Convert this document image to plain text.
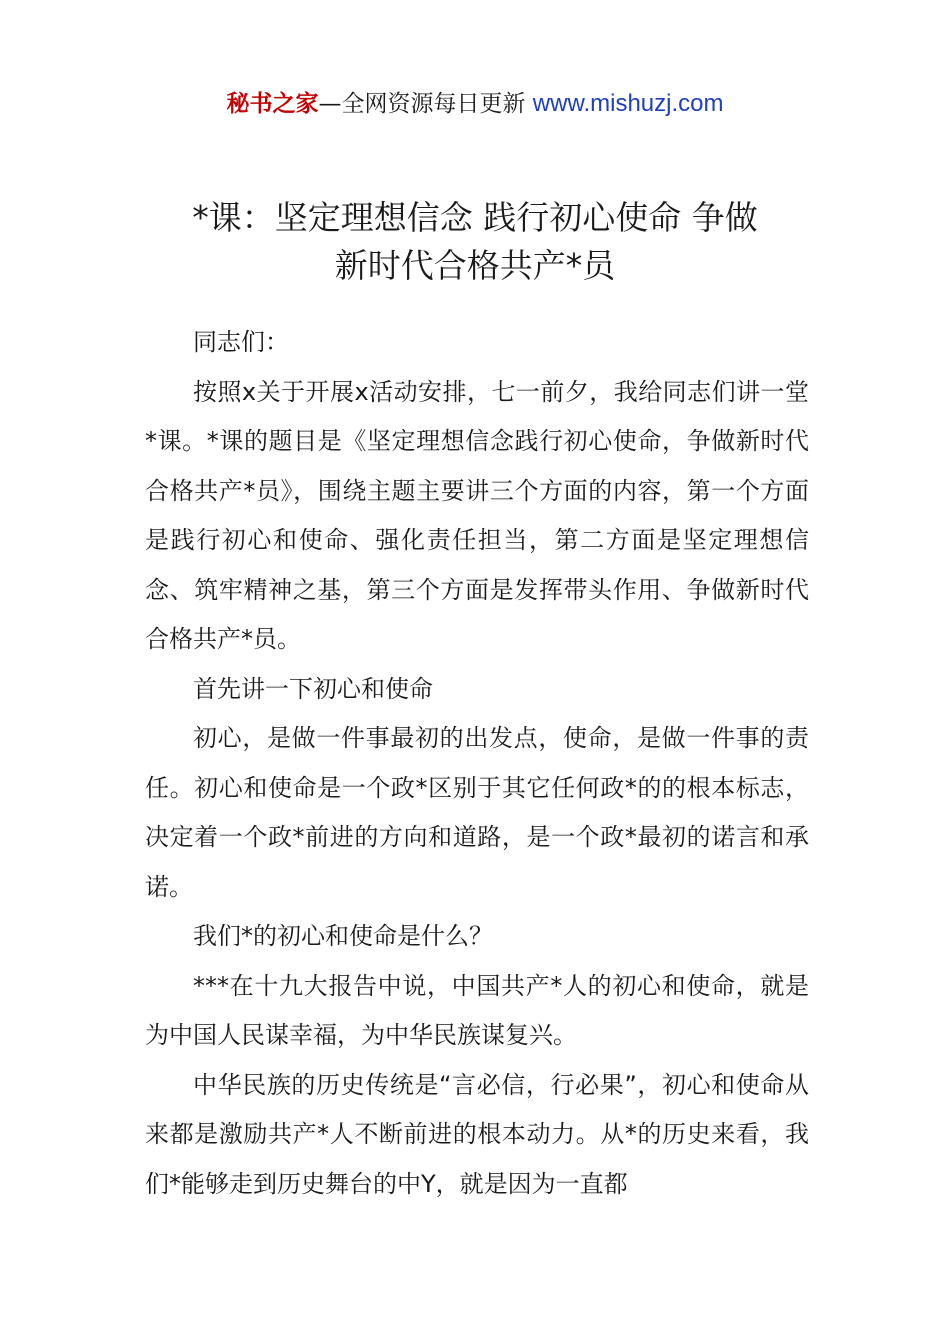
秘书之家—全网资源每日更新 www.mishuzj.com
*课：坚定理想信念 践行初心使命 争做
新时代合格共产*员

同志们：

按照x关于开展x活动安排，七一前夕，我给同志们讲一堂*课。*课的题目是《坚定理想信念践行初心使命，争做新时代合格共产*员》，围绕主题主要讲三个方面的内容，第一个方面是践行初心和使命、强化责任担当，第二方面是坚定理想信念、筑牢精神之基，第三个方面是发挥带头作用、争做新时代合格共产*员。

首先讲一下初心和使命

初心，是做一件事最初的出发点，使命，是做一件事的责任。初心和使命是一个政*区别于其它任何政*的的根本标志，决定着一个政*前进的方向和道路，是一个政*最初的诺言和承诺。

我们*的初心和使命是什么？

***在十九大报告中说，中国共产*人的初心和使命，就是为中国人民谋幸福，为中华民族谋复兴。

中华民族的历史传统是“言必信，行必果”，初心和使命从来都是激励共产*人不断前进的根本动力。从*的历史来看，我们*能够走到历史舞台的中Y，就是因为一直都
